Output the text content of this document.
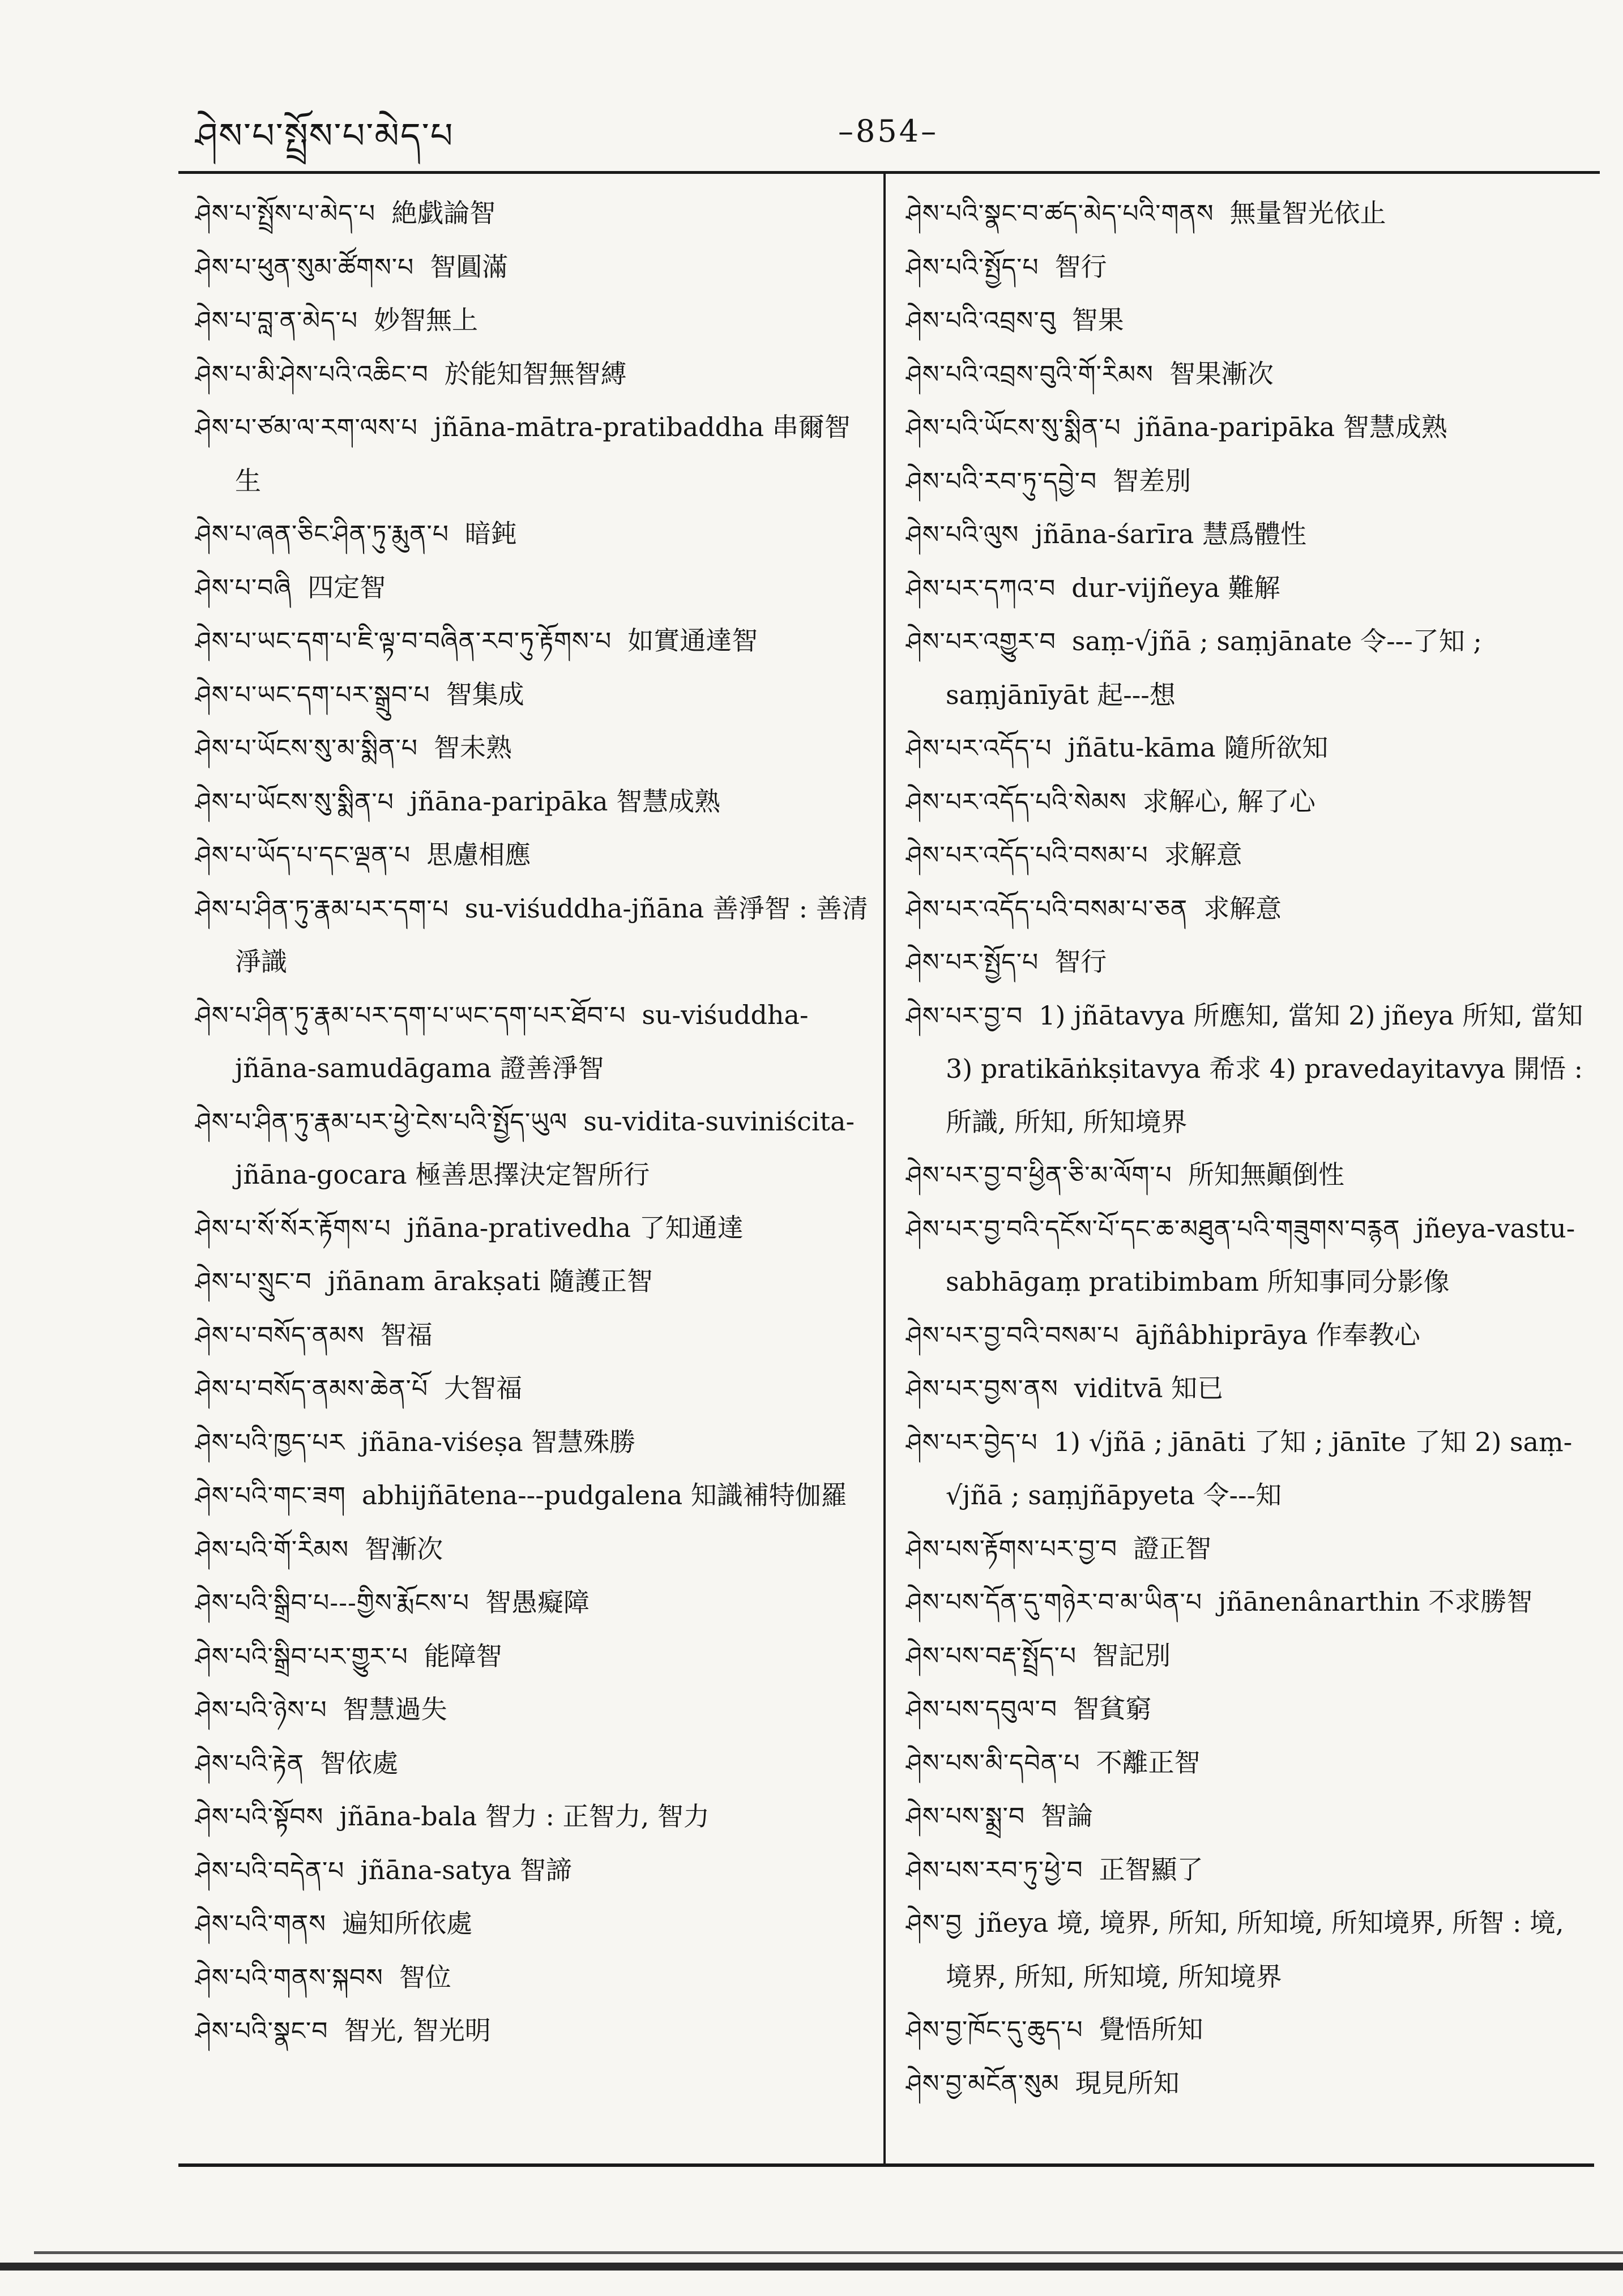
ཤེས་པ་སྤྲོས་པ་མེད་པ	–854–

ཤེས་པ་སྤྲོས་པ་མེད་པ 絶戯論智

ཤེས་པ་ཕུན་སུམ་ཚོགས་པ 智圓滿

ཤེས་པ་བླ་ན་མེད་པ 妙智無上

ཤེས་པ་མི་ཤེས་པའི་འཆིང་བ 於能知智無智縛

ཤེས་པ་ཙམ་ལ་རག་ལས་པ jñāna-mātra-pratibaddha 串爾智生

ཤེས་པ་ཞན་ཅིང་ཤིན་ཏུ་རྨུན་པ 暗鈍

ཤེས་པ་བཞི 四定智

ཤེས་པ་ཡང་དག་པ་ཇི་ལྟ་བ་བཞིན་རབ་ཏུ་རྟོགས་པ 如實通達智

ཤེས་པ་ཡང་དག་པར་སྒྲུབ་པ 智集成

ཤེས་པ་ཡོངས་སུ་མ་སྨིན་པ 智未熟

ཤེས་པ་ཡོངས་སུ་སྨིན་པ jñāna-paripāka 智慧成熟

ཤེས་པ་ཡོད་པ་དང་ལྡན་པ 思慮相應

ཤེས་པ་ཤིན་ཏུ་རྣམ་པར་དག་པ su-viśuddha-jñāna 善淨智 : 善清淨識

ཤེས་པ་ཤིན་ཏུ་རྣམ་པར་དག་པ་ཡང་དག་པར་ཐོབ་པ su-viśuddha-jñāna-samudāgama 證善淨智

ཤེས་པ་ཤིན་ཏུ་རྣམ་པར་ཕྱེ་ངེས་པའི་སྤྱོད་ཡུལ su-vidita-suviniścita-jñāna-gocara 極善思擇決定智所行

ཤེས་པ་སོ་སོར་རྟོགས་པ jñāna-prativedha 了知通達

ཤེས་པ་སྲུང་བ jñānam ārakṣati 隨護正智

ཤེས་པ་བསོད་ནམས 智福

ཤེས་པ་བསོད་ནམས་ཆེན་པོ 大智福

ཤེས་པའི་ཁྱད་པར jñāna-viśeṣa 智慧殊勝

ཤེས་པའི་གང་ཟག abhijñātena---pudgalena 知識補特伽羅

ཤེས་པའི་གོ་རིམས 智漸次

ཤེས་པའི་སྒྲིབ་པ---གྱིས་རྨོངས་པ 智愚癡障

ཤེས་པའི་སྒྲིབ་པར་གྱུར་པ 能障智

ཤེས་པའི་ཉེས་པ 智慧過失

ཤེས་པའི་རྟེན 智依處

ཤེས་པའི་སྟོབས jñāna-bala 智力 : 正智力, 智力

ཤེས་པའི་བདེན་པ jñāna-satya 智諦

ཤེས་པའི་གནས 遍知所依處

ཤེས་པའི་གནས་སྐབས 智位

ཤེས་པའི་སྣང་བ 智光, 智光明

ཤེས་པའི་སྣང་བ་ཚད་མེད་པའི་གནས 無量智光依止

ཤེས་པའི་སྤྱོད་པ 智行

ཤེས་པའི་འབྲས་བུ 智果

ཤེས་པའི་འབྲས་བུའི་གོ་རིམས 智果漸次

ཤེས་པའི་ཡོངས་སུ་སྨིན་པ jñāna-paripāka 智慧成熟

ཤེས་པའི་རབ་ཏུ་དབྱེ་བ 智差別

ཤེས་པའི་ལུས jñāna-śarīra 慧爲體性

ཤེས་པར་དཀའ་བ dur-vijñeya 難解

ཤེས་པར་འགྱུར་བ saṃ-√jñā ; saṃjānate 令---了知 ; saṃjānīyāt 起---想

ཤེས་པར་འདོད་པ jñātu-kāma 隨所欲知

ཤེས་པར་འདོད་པའི་སེམས 求解心, 解了心

ཤེས་པར་འདོད་པའི་བསམ་པ 求解意

ཤེས་པར་འདོད་པའི་བསམ་པ་ཅན 求解意

ཤེས་པར་སྤྱོད་པ 智行

ཤེས་པར་བྱ་བ 1) jñātavya 所應知, 當知 2) jñeya 所知, 當知 3) pratikāṅkṣitavya 希求 4) pravedayitavya 開悟 : 所識, 所知, 所知境界

ཤེས་པར་བྱ་བ་ཕྱིན་ཅི་མ་ལོག་པ 所知無顚倒性

ཤེས་པར་བྱ་བའི་དངོས་པོ་དང་ཆ་མཐུན་པའི་གཟུགས་བརྙན jñeya-vastu-sabhāgaṃ pratibimbam 所知事同分影像

ཤེས་པར་བྱ་བའི་བསམ་པ ājñâbhiprāya 作奉教心

ཤེས་པར་བྱས་ནས viditvā 知已

ཤེས་པར་བྱེད་པ 1) √jñā ; jānāti 了知 ; jānīte 了知 2) saṃ-√jñā ; saṃjñāpyeta 令---知

ཤེས་པས་རྟོགས་པར་བྱ་བ 證正智

ཤེས་པས་དོན་དུ་གཉེར་བ་མ་ཡིན་པ jñānenânarthin 不求勝智

ཤེས་པས་བརྡ་སྤྲོད་པ 智記別

ཤེས་པས་དབུལ་བ 智貧窮

ཤེས་པས་མི་དབེན་པ 不離正智

ཤེས་པས་སྨྲ་བ 智論

ཤེས་པས་རབ་ཏུ་ཕྱེ་བ 正智顯了

ཤེས་བྱ jñeya 境, 境界, 所知, 所知境, 所知境界, 所智 : 境, 境界, 所知, 所知境, 所知境界

ཤེས་བྱ་ཁོང་དུ་ཆུད་པ 覺悟所知

ཤེས་བྱ་མངོན་སུམ 現見所知
